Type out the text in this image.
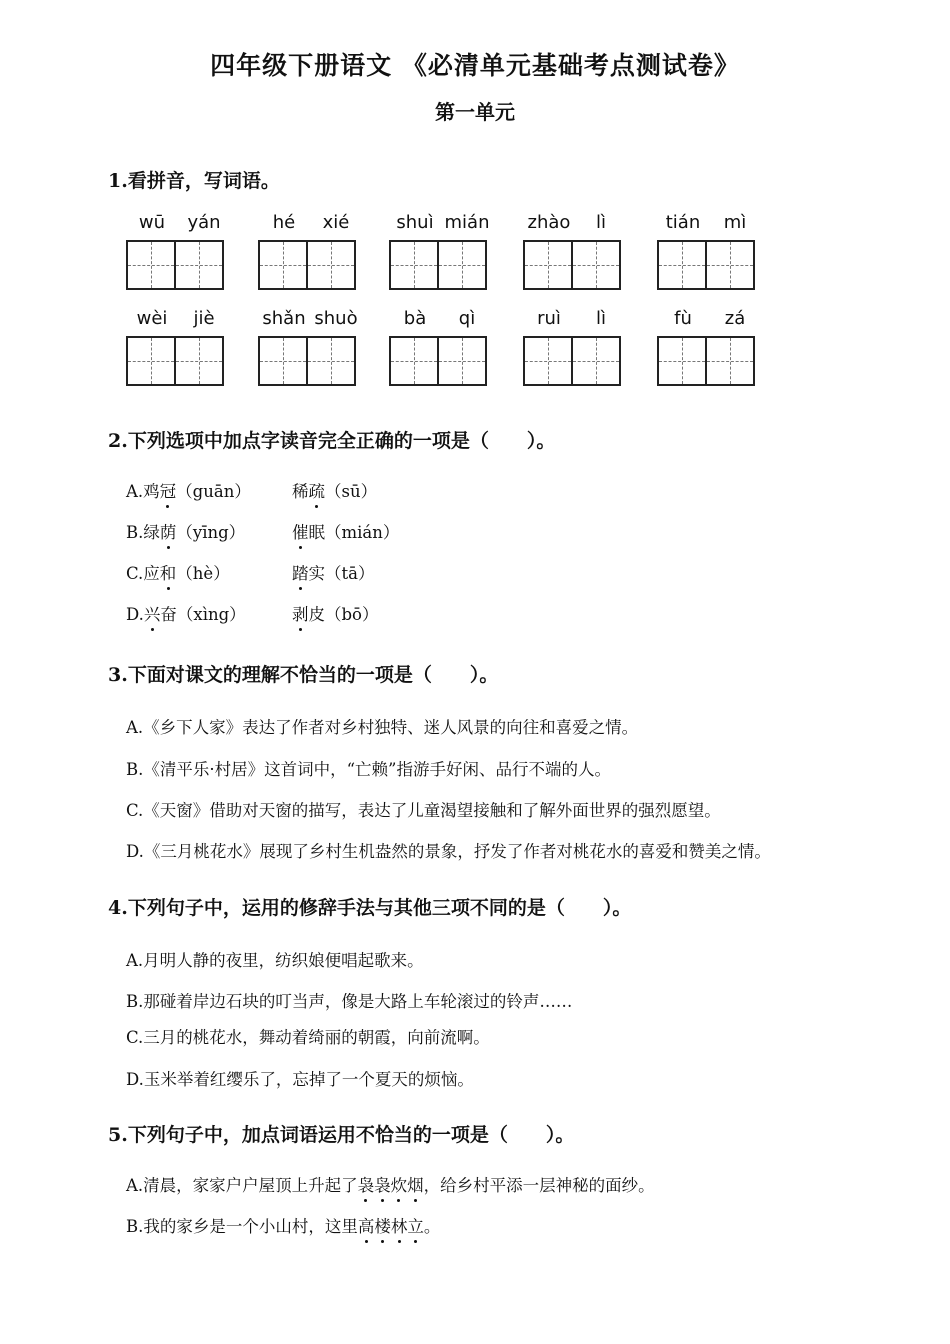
四年级下册语文 《必清单元基础考点测试卷》
第一单元
1.看拼音，写词语。
wū	yán	hé	xié	shuì mián zhào	lì	tián	mì
wèi	jiè	shǎn shuò	bà	qì	ruì	lì	fù	zá
2.下列选项中加点字读音完全正确的一项是（　　）。
A.鸡冠（guān） 稀疏（sū）
B.绿荫（yīng）	催眠（mián）
C.应和（hè）	踏实（tā）
D.兴奋（xìng）	剥皮（bō）
3.下面对课文的理解不恰当的一项是（　　）。
A.《乡下人家》表达了作者对乡村独特、迷人风景的向往和喜爱之情。
B.《清平乐·村居》这首词中，“亡赖”指游手好闲、品行不端的人。
C.《天窗》借助对天窗的描写，表达了儿童渴望接触和了解外面世界的强烈愿望。
D.《三月桃花水》展现了乡村生机盎然的景象，抒发了作者对桃花水的喜爱和赞美之情。
4.下列句子中，运用的修辞手法与其他三项不同的是（　　）。
A.月明人静的夜里，纺织娘便唱起歌来。
B.那碰着岸边石块的叮当声，像是大路上车轮滚过的铃声……
C.三月的桃花水，舞动着绮丽的朝霞，向前流啊。
D.玉米举着红缨乐了，忘掉了一个夏天的烦恼。
5.下列句子中，加点词语运用不恰当的一项是（　　）。
A.清晨，家家户户屋顶上升起了袅袅炊烟，给乡村平添一层神秘的面纱。
B.我的家乡是一个小山村，这里高楼林立。
